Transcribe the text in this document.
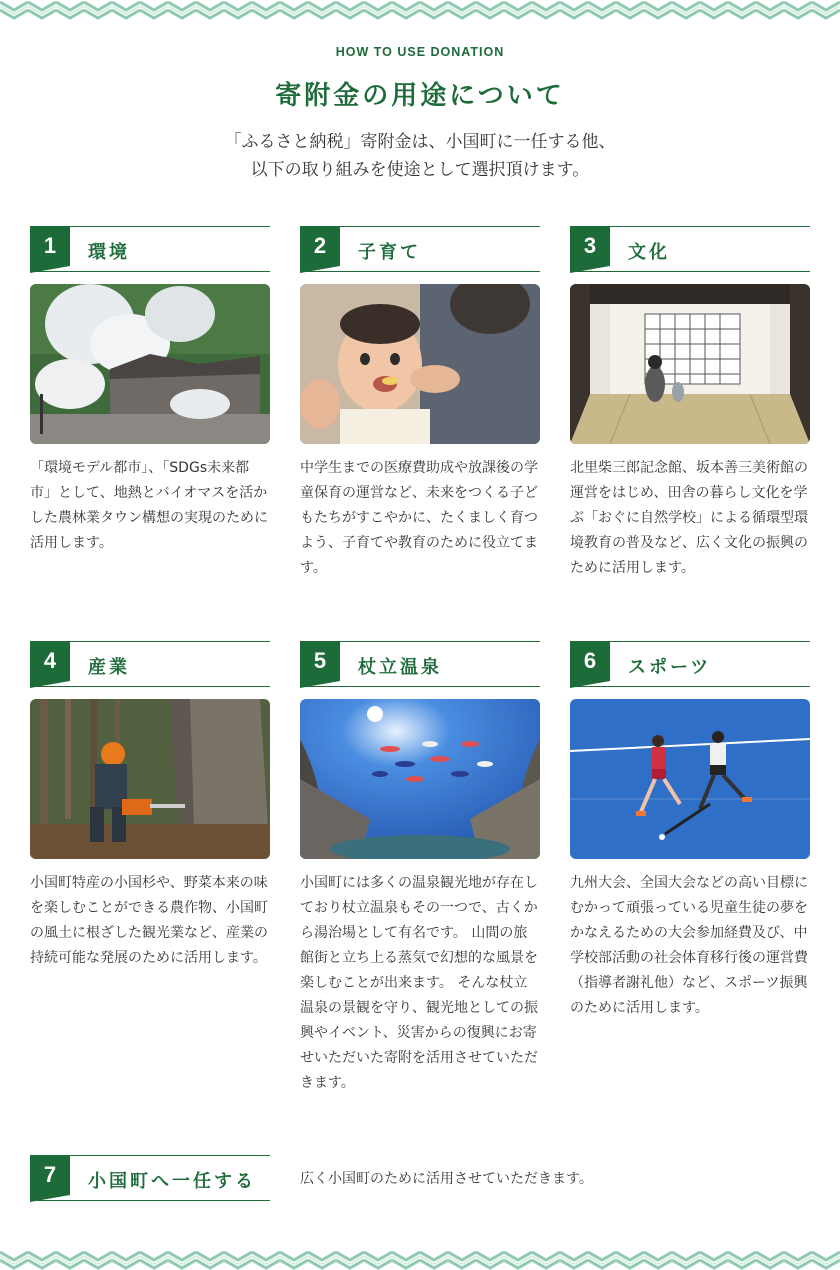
HOW TO USE DONATION
寄附金の用途について

「ふるさと納税」寄附金は、小国町に一任する他、

以下の取り組みを使途として選択頂けます。

1	環境

「環境モデル都市」、「SDGs未来都市」として、地熱とバイオマスを活かした農林業タウン構想の実現のために活用します。

2	子育て

中学生までの医療費助成や放課後の学童保育の運営など、未来をつくる子どもたちがすこやかに、たくましく育つよう、子育てや教育のために役立てます。

3	文化

北里柴三郎記念館、坂本善三美術館の運営をはじめ、田舎の暮らし文化を学ぶ「おぐに自然学校」による循環型環境教育の普及など、広く文化の振興のために活用します。

4	産業

小国町特産の小国杉や、野菜本来の味を楽しむことができる農作物、小国町の風土に根ざした観光業など、産業の持続可能な発展のために活用します。

5	杖立温泉

小国町には多くの温泉観光地が存在しており杖立温泉もその一つで、古くから湯治場として有名です。 山間の旅館街と立ち上る蒸気で幻想的な風景を楽しむことが出来ます。 そんな杖立温泉の景観を守り、観光地としての振興やイベント、災害からの復興にお寄せいただいた寄附を活用させていただきます。

6	スポーツ

九州大会、全国大会などの高い目標にむかって頑張っている児童生徒の夢をかなえるための大会参加経費及び、中学校部活動の社会体育移行後の運営費（指導者謝礼他）など、スポーツ振興のために活用します。

7	小国町へ一任する	広く小国町のために活用させていただきます。
